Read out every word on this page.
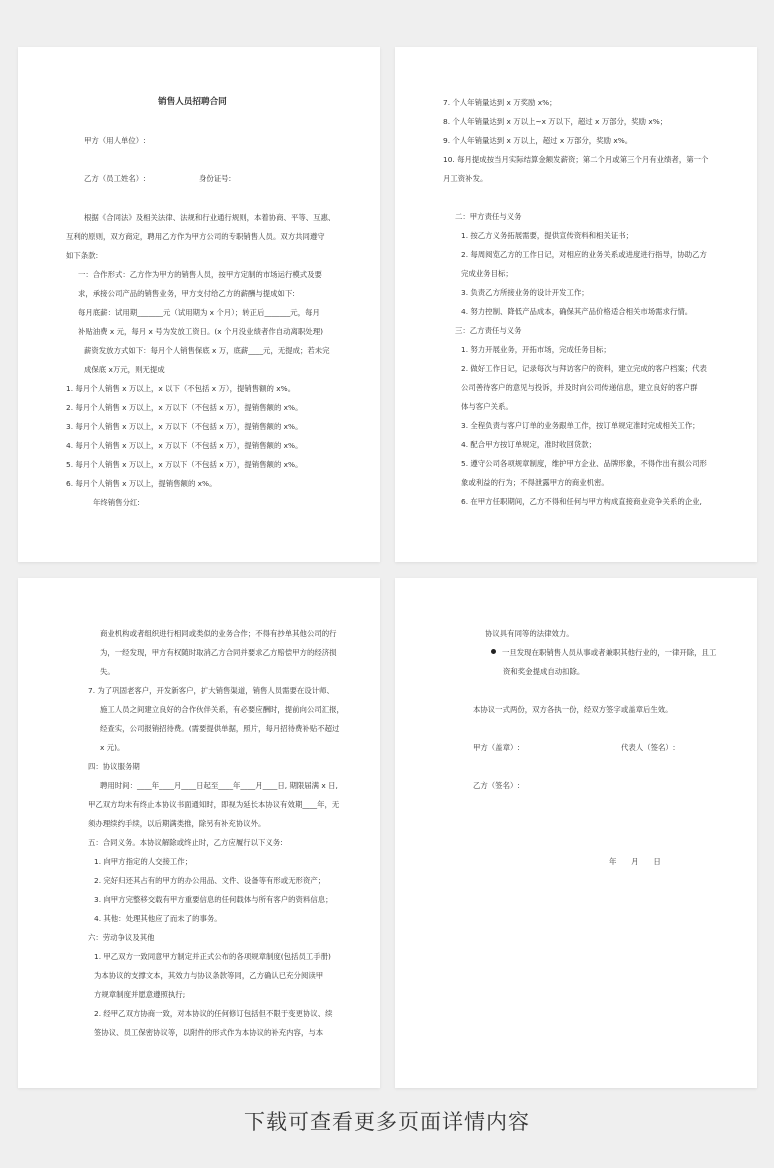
销售人员招聘合同
甲方（用人单位）:
乙方（员工姓名）:	身份证号:
根据《合同法》及相关法律、法规和行业通行规则，本着协商、平等、互惠、
互利的原则，双方商定，聘用乙方作为甲方公司的专职销售人员。双方共同遵守
如下条款:
一：合作形式：乙方作为甲方的销售人员，按甲方定制的市场运行模式及要
求，承接公司产品的销售业务，甲方支付给乙方的薪酬与提成如下:
每月底薪：试用期_______元（试用期为 x 个月）；转正后_______元，每月
补贴油费 x 元，每月 x 号为发放工资日。(x 个月没业绩者作自动离职处理)
薪资发放方式如下：每月个人销售保底 x 万，底薪____元，无提成；若未完
成保底 x万元，则无提成
1. 每月个人销售 x 万以上，x 以下（不包括 x 万），提销售额的 x%。
2. 每月个人销售 x 万以上，x 万以下（不包括 x 万），提销售额的 x%。
3. 每月个人销售 x 万以上，x 万以下（不包括 x 万），提销售额的 x%。
4. 每月个人销售 x 万以上，x 万以下（不包括 x 万），提销售额的 x%。
5. 每月个人销售 x 万以上，x 万以下（不包括 x 万），提销售额的 x%。
6. 每月个人销售 x 万以上，提销售额的 x%。
年终销售分红:
7. 个人年销量达到 x 万奖励 x%；
8. 个人年销量达到 x 万以上~x 万以下，超过 x 万部分，奖励 x%；
9. 个人年销量达到 x 万以上，超过 x 万部分，奖励 x%。
10. 每月提成按当月实际结算金额发薪资；第二个月或第三个月有业绩者，第一个
月工资补发。
二：甲方责任与义务
1. 按乙方义务拓展需要，提供宣传资料和相关证书；
2. 每周阅览乙方的工作日记，对相应的业务关系或进度进行指导，协助乙方
完成业务目标；
3. 负责乙方所接业务的设计开发工作；
4. 努力控制、降低产品成本，确保其产品价格适合相关市场需求行情。
三：乙方责任与义务
1. 努力开展业务，开拓市场，完成任务目标；
2. 做好工作日记，记录每次与拜访客户的资料，建立完成的客户档案；代表
公司善待客户的意见与投诉，并及时向公司传递信息，建立良好的客户群
体与客户关系。
3. 全程负责与客户订单的业务跟单工作，按订单规定准时完成相关工作；
4. 配合甲方按订单规定，准时收回货款；
5. 遵守公司各项规章制度，维护甲方企业、品牌形象，不得作出有损公司形
象或利益的行为；不得泄露甲方的商业机密。
6. 在甲方任职期间，乙方不得和任何与甲方构成直接商业竞争关系的企业,
商业机构或者组织进行相同或类似的业务合作；不得有抄单其他公司的行
为，一经发现，甲方有权随时取消乙方合同并要求乙方赔偿甲方的经济损
失。
7. 为了巩固老客户，开发新客户，扩大销售渠道，销售人员需要在设计师、
施工人员之间建立良好的合作伙伴关系，有必要应酬时，提前向公司汇报，
经查实，公司报销招待费。(需要提供单据，照片，每月招待费补贴不超过
x 元)。
四：协议服务期
聘用时间：____年____月____日起至____年____月____日, 期限届满 x 日,
甲乙双方均未有终止本协议书面通知时，即视为延长本协议有效期____年，无
须办理续约手续，以后期满类推，除另有补充协议外。
五：合同义务。本协议解除或终止时，乙方应履行以下义务:
1. 向甲方指定的人交接工作；
2. 完好归还其占有的甲方的办公用品、文件、设备等有形或无形资产；
3. 向甲方完整移交载有甲方重要信息的任何载体与所有客户的资料信息；
4. 其他：处理其他应了而未了的事务。
六：劳动争议及其他
1. 甲乙双方一致同意甲方制定并正式公布的各项规章制度(包括员工手册)
为本协议的支撑文本，其效力与协议条款等同，乙方确认已充分阅读甲
方规章制度并愿意遵照执行;
2. 经甲乙双方协商一致，对本协议的任何修订包括但不限于变更协议、续
签协议、员工保密协议等，以附件的形式作为本协议的补充内容，与本
协议具有同等的法律效力。
一旦发现在职销售人员从事或者兼职其他行业的，一律开除，且工
资和奖金提成自动扣除。
本协议一式两份，双方各执一份，经双方签字或盖章后生效。
甲方（盖章）:	代表人（签名）:
乙方（签名）:
年　　月　　日
下载可查看更多页面详情内容
